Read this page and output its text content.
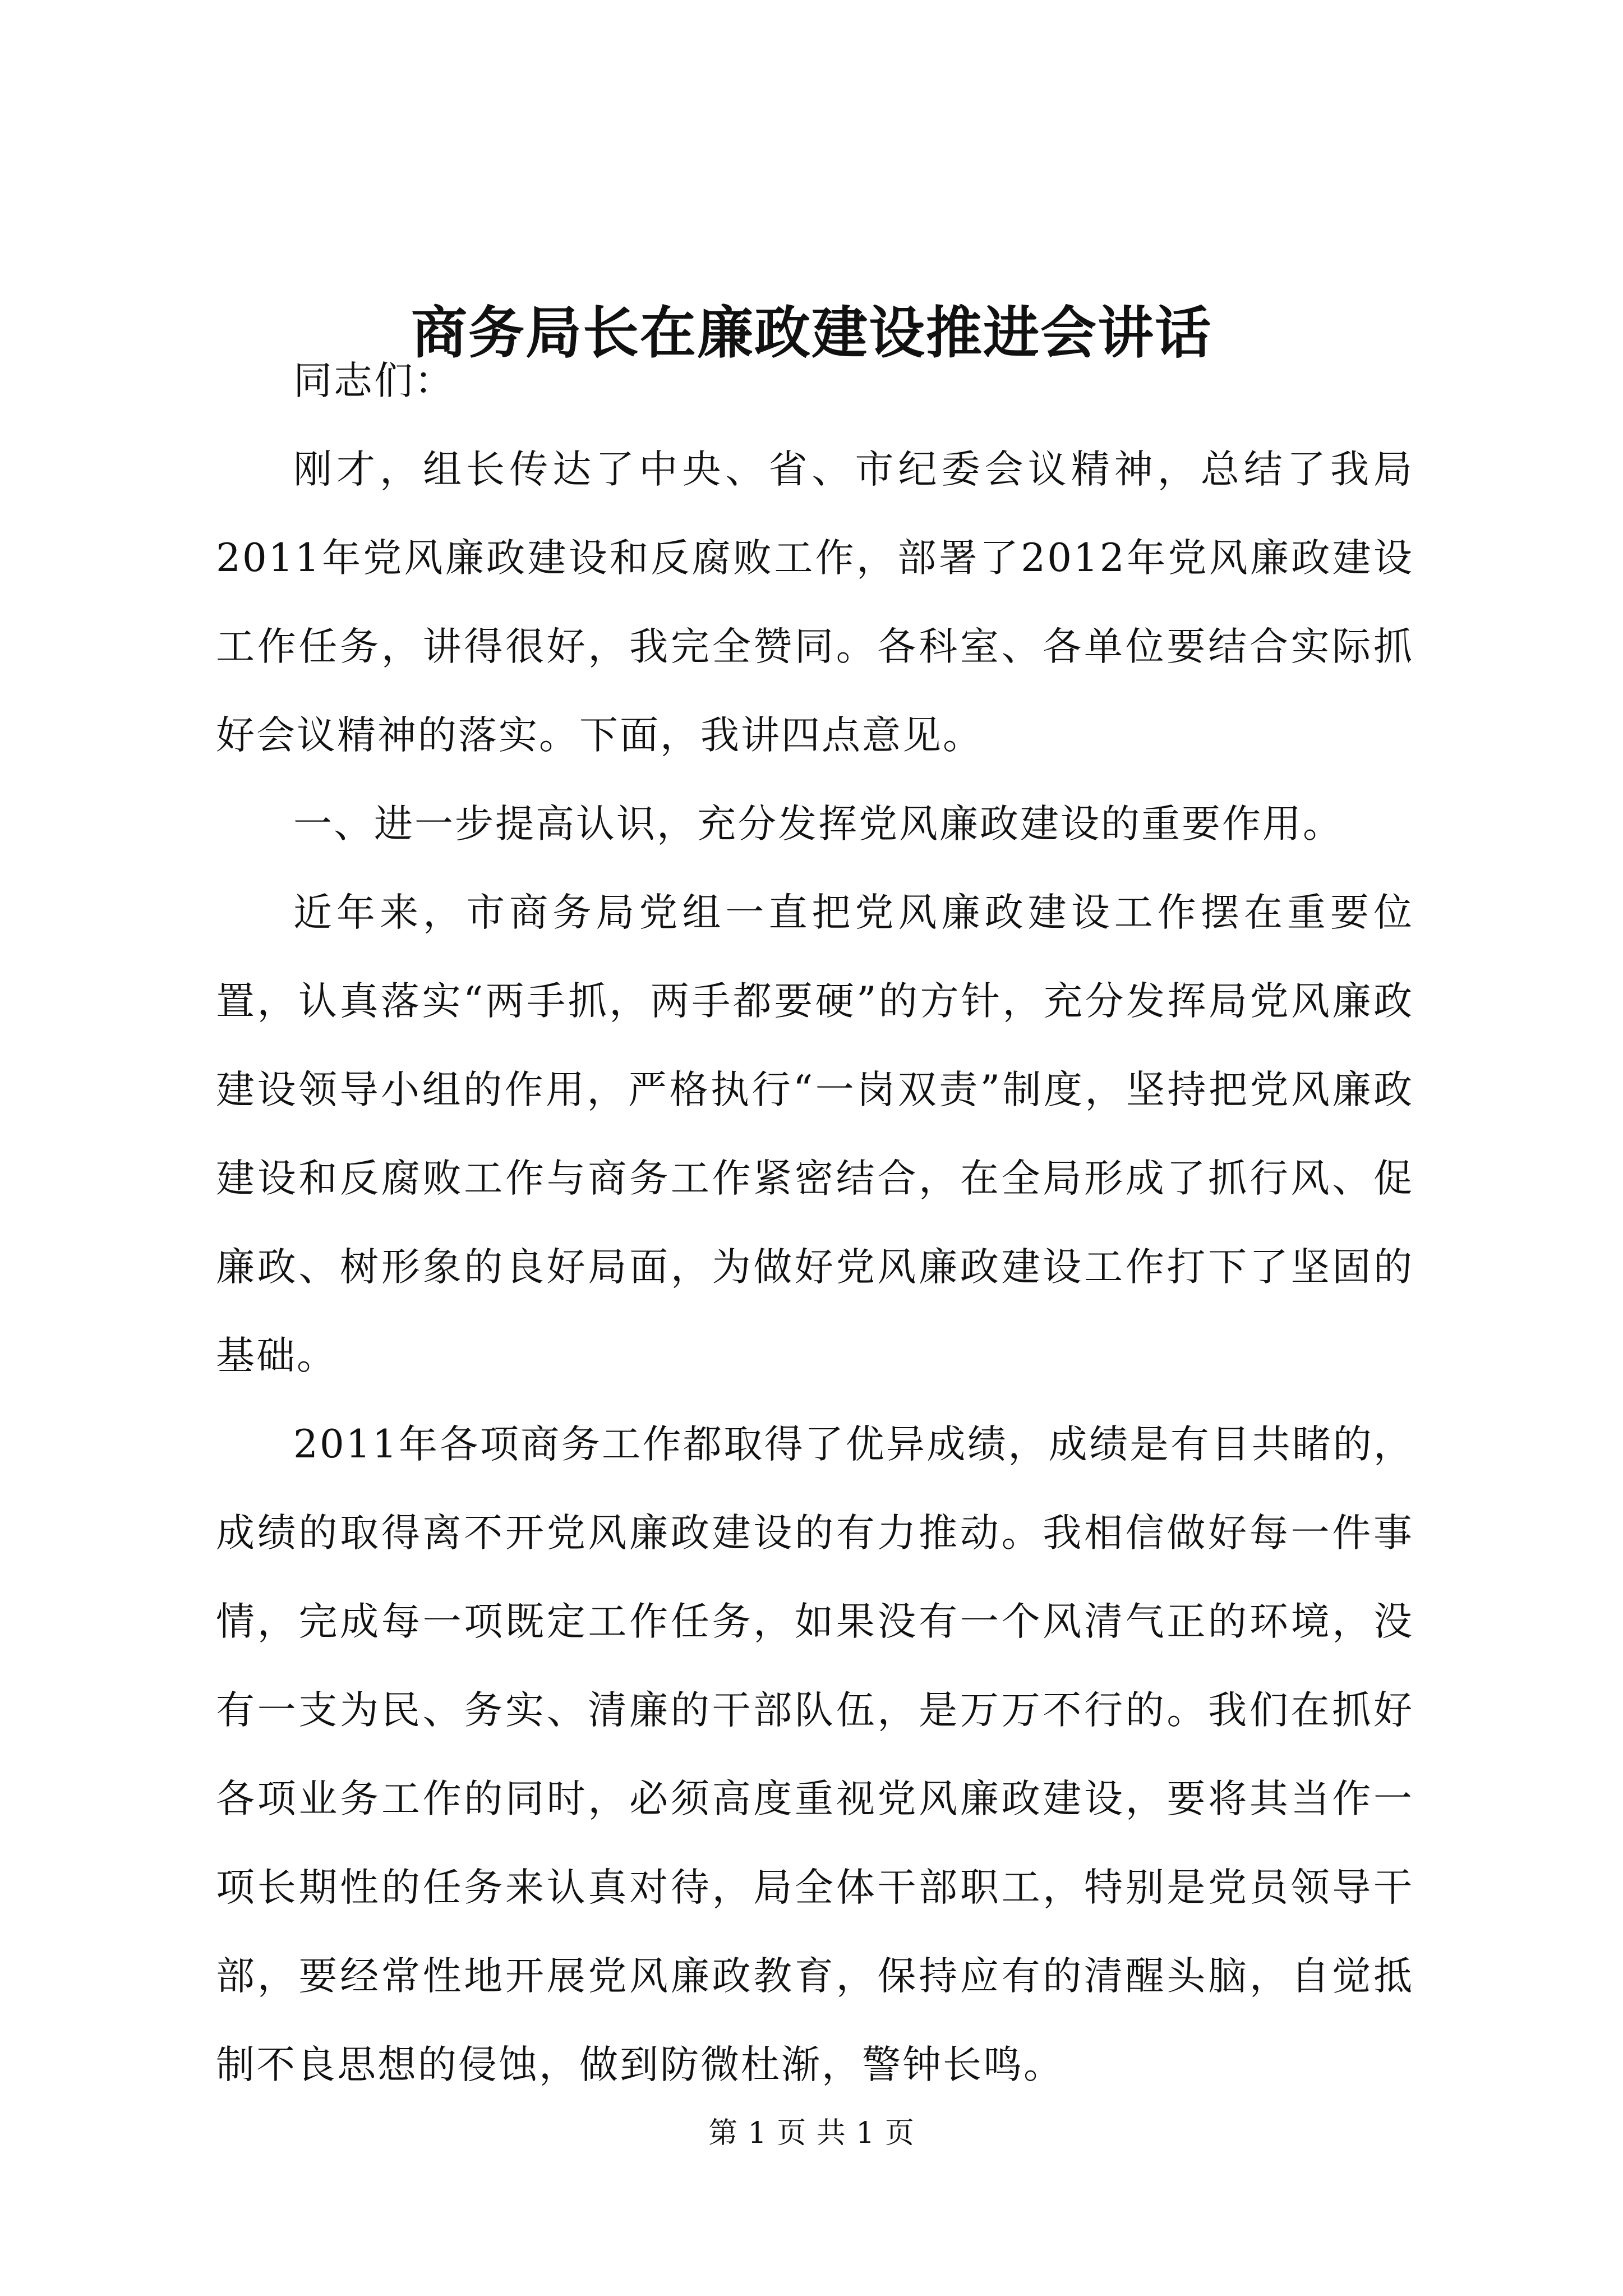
商务局长在廉政建设推进会讲话

同志们：

刚才，组长传达了中央、省、市纪委会议精神，总结了我局2011年党风廉政建设和反腐败工作，部署了2012年党风廉政建设工作任务，讲得很好，我完全赞同。各科室、各单位要结合实际抓好会议精神的落实。下面，我讲四点意见。

一、进一步提高认识，充分发挥党风廉政建设的重要作用。

近年来，市商务局党组一直把党风廉政建设工作摆在重要位置，认真落实“两手抓，两手都要硬”的方针，充分发挥局党风廉政建设领导小组的作用，严格执行“一岗双责”制度，坚持把党风廉政建设和反腐败工作与商务工作紧密结合，在全局形成了抓行风、促廉政、树形象的良好局面，为做好党风廉政建设工作打下了坚固的基础。

2011年各项商务工作都取得了优异成绩，成绩是有目共睹的，成绩的取得离不开党风廉政建设的有力推动。我相信做好每一件事情，完成每一项既定工作任务，如果没有一个风清气正的环境，没有一支为民、务实、清廉的干部队伍，是万万不行的。我们在抓好各项业务工作的同时，必须高度重视党风廉政建设，要将其当作一项长期性的任务来认真对待，局全体干部职工，特别是党员领导干部，要经常性地开展党风廉政教育，保持应有的清醒头脑，自觉抵制不良思想的侵蚀，做到防微杜渐，警钟长鸣。

第 1 页 共 1 页
